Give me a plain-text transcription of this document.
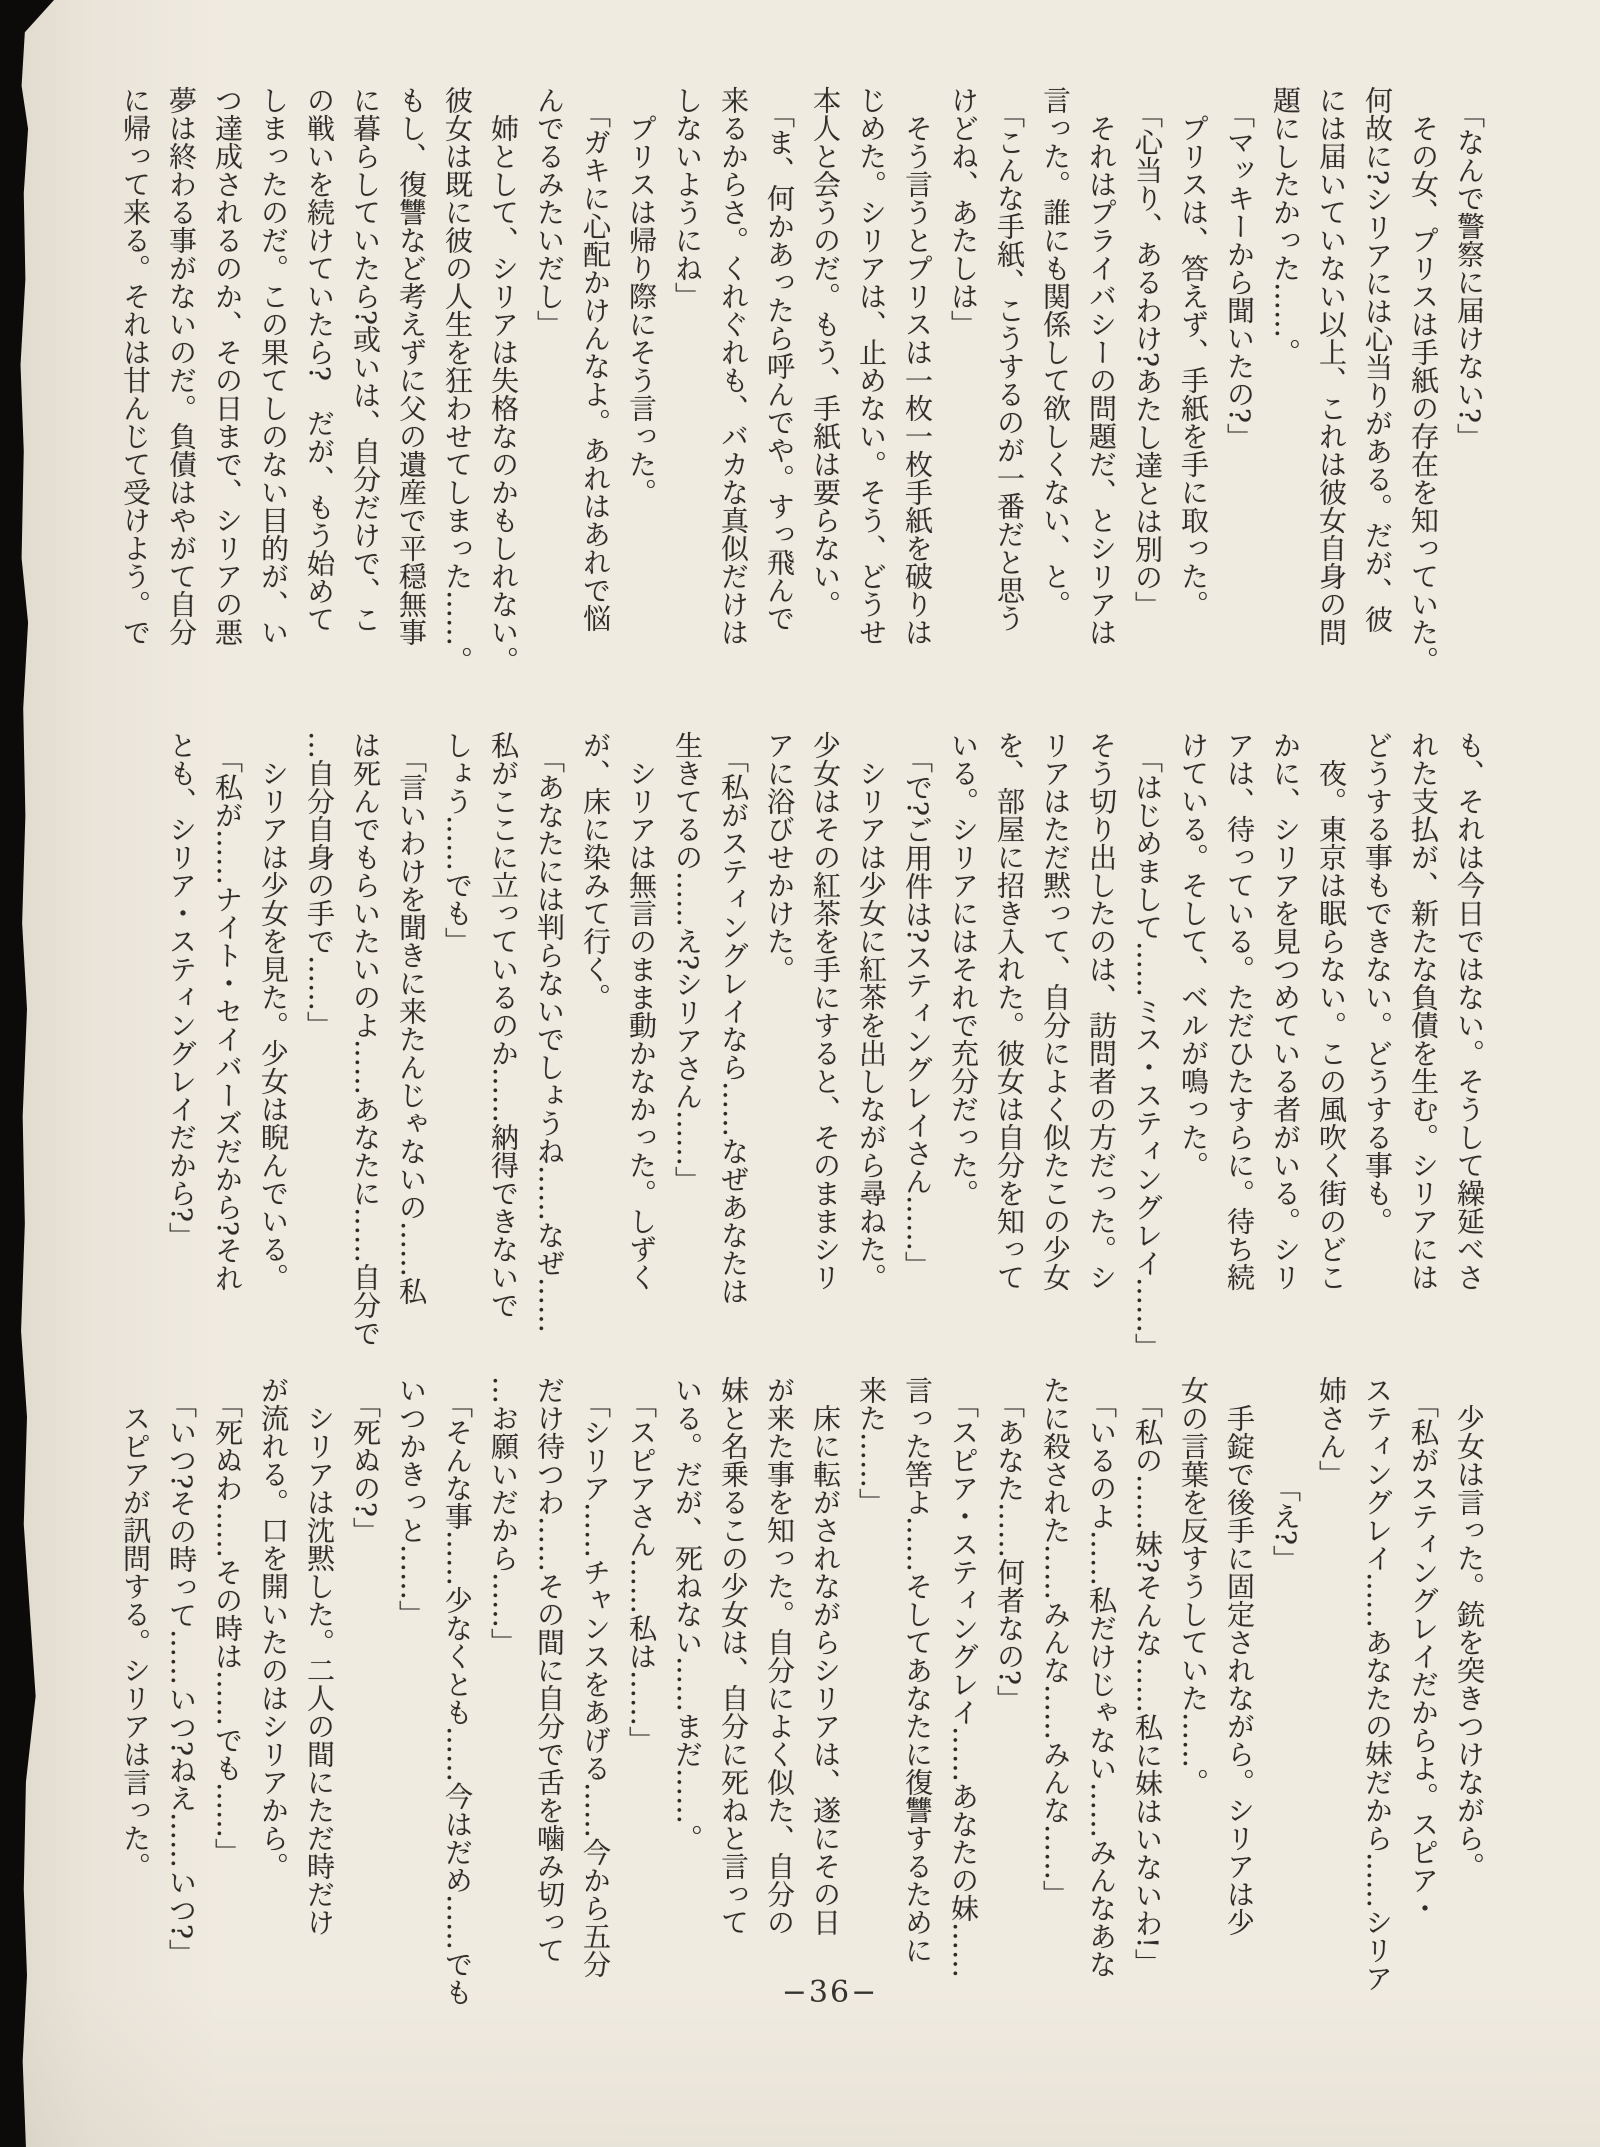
　「なんで警察に届けない?」

　その女、プリスは手紙の存在を知っていた。

何故に?シリアには心当りがある。だが、彼

には届いていない以上、これは彼女自身の問

題にしたかった……。

　「マッキーから聞いたの?」

　プリスは、答えず、手紙を手に取った。

　「心当り、あるわけ?あたし達とは別の」

　それはプライバシーの問題だ、とシリアは

言った。誰にも関係して欲しくない、と。

　「こんな手紙、こうするのが一番だと思う

けどね、あたしは」

　そう言うとプリスは一枚一枚手紙を破りは

じめた。シリアは、止めない。そう、どうせ

本人と会うのだ。もう、手紙は要らない。

　「ま、何かあったら呼んでや。すっ飛んで

来るからさ。くれぐれも、バカな真似だけは

しないようにね」

　プリスは帰り際にそう言った。

　「ガキに心配かけんなよ。あれはあれで悩

んでるみたいだし」

　姉として、シリアは失格なのかもしれない。

彼女は既に彼の人生を狂わせてしまった……。

もし、復讐など考えずに父の遺産で平穏無事

に暮らしていたら?或いは、自分だけで、こ

の戦いを続けていたら?　だが、もう始めて

しまったのだ。この果てしのない目的が、い

つ達成されるのか、その日まで、シリアの悪

夢は終わる事がないのだ。負債はやがて自分

に帰って来る。それは甘んじて受けよう。で

も、それは今日ではない。そうして繰延べさ

れた支払が、新たな負債を生む。シリアには

どうする事もできない。どうする事も。

　夜。東京は眠らない。この風吹く街のどこ

かに、シリアを見つめている者がいる。シリ

アは、待っている。ただひたすらに。待ち続

けている。そして、ベルが鳴った。

　「はじめまして……ミス・スティングレイ……」

そう切り出したのは、訪問者の方だった。シ

リアはただ黙って、自分によく似たこの少女

を、部屋に招き入れた。彼女は自分を知って

いる。シリアにはそれで充分だった。

　「で?ご用件は?スティングレイさん……」

　シリアは少女に紅茶を出しながら尋ねた。

少女はその紅茶を手にすると、そのままシリ

アに浴びせかけた。

　「私がスティングレイなら……なぜあなたは

生きてるの……え?シリアさん……」

　シリアは無言のまま動かなかった。しずく

が、床に染みて行く。

　「あなたには判らないでしょうね……なぜ……

私がここに立っているのか……納得できないで

しょう……でも」

　「言いわけを聞きに来たんじゃないの……私

は死んでもらいたいのよ……あなたに……自分で

…自分自身の手で……」

　シリアは少女を見た。少女は睨んでいる。

　「私が……ナイト・セイバーズだから?それ

とも、シリア・スティングレイだから?」

　少女は言った。銃を突きつけながら。

　「私がスティングレイだからよ。スピア・

スティングレイ……あなたの妹だから……シリア

姉さん」

　　　　「え?」

　手錠で後手に固定されながら。シリアは少

女の言葉を反すうしていた……。

　「私の……妹?そんな……私に妹はいないわ!」

　「いるのよ……私だけじゃない……みんなあな

たに殺された……みんな……みんな……」

　「あなた……何者なの?」

　「スピア・スティングレイ……あなたの妹……

言った筈よ……そしてあなたに復讐するために

来た……」

　床に転がされながらシリアは、遂にその日

が来た事を知った。自分によく似た、自分の

妹と名乗るこの少女は、自分に死ねと言って

いる。だが、死ねない……まだ……。

　「スピアさん……私は……」

　「シリア……チャンスをあげる……今から五分

だけ待つわ……その間に自分で舌を噛み切って

…お願いだから……」

　「そんな事……少なくとも……今はだめ……でも

いつかきっと……」

　「死ぬの?」

　シリアは沈黙した。二人の間にただ時だけ

が流れる。口を開いたのはシリアから。

　「死ぬわ……その時は……でも……」

　「いつ?その時って……いつ?ねえ……いつ?」

　スピアが訊問する。シリアは言った。

−36−
